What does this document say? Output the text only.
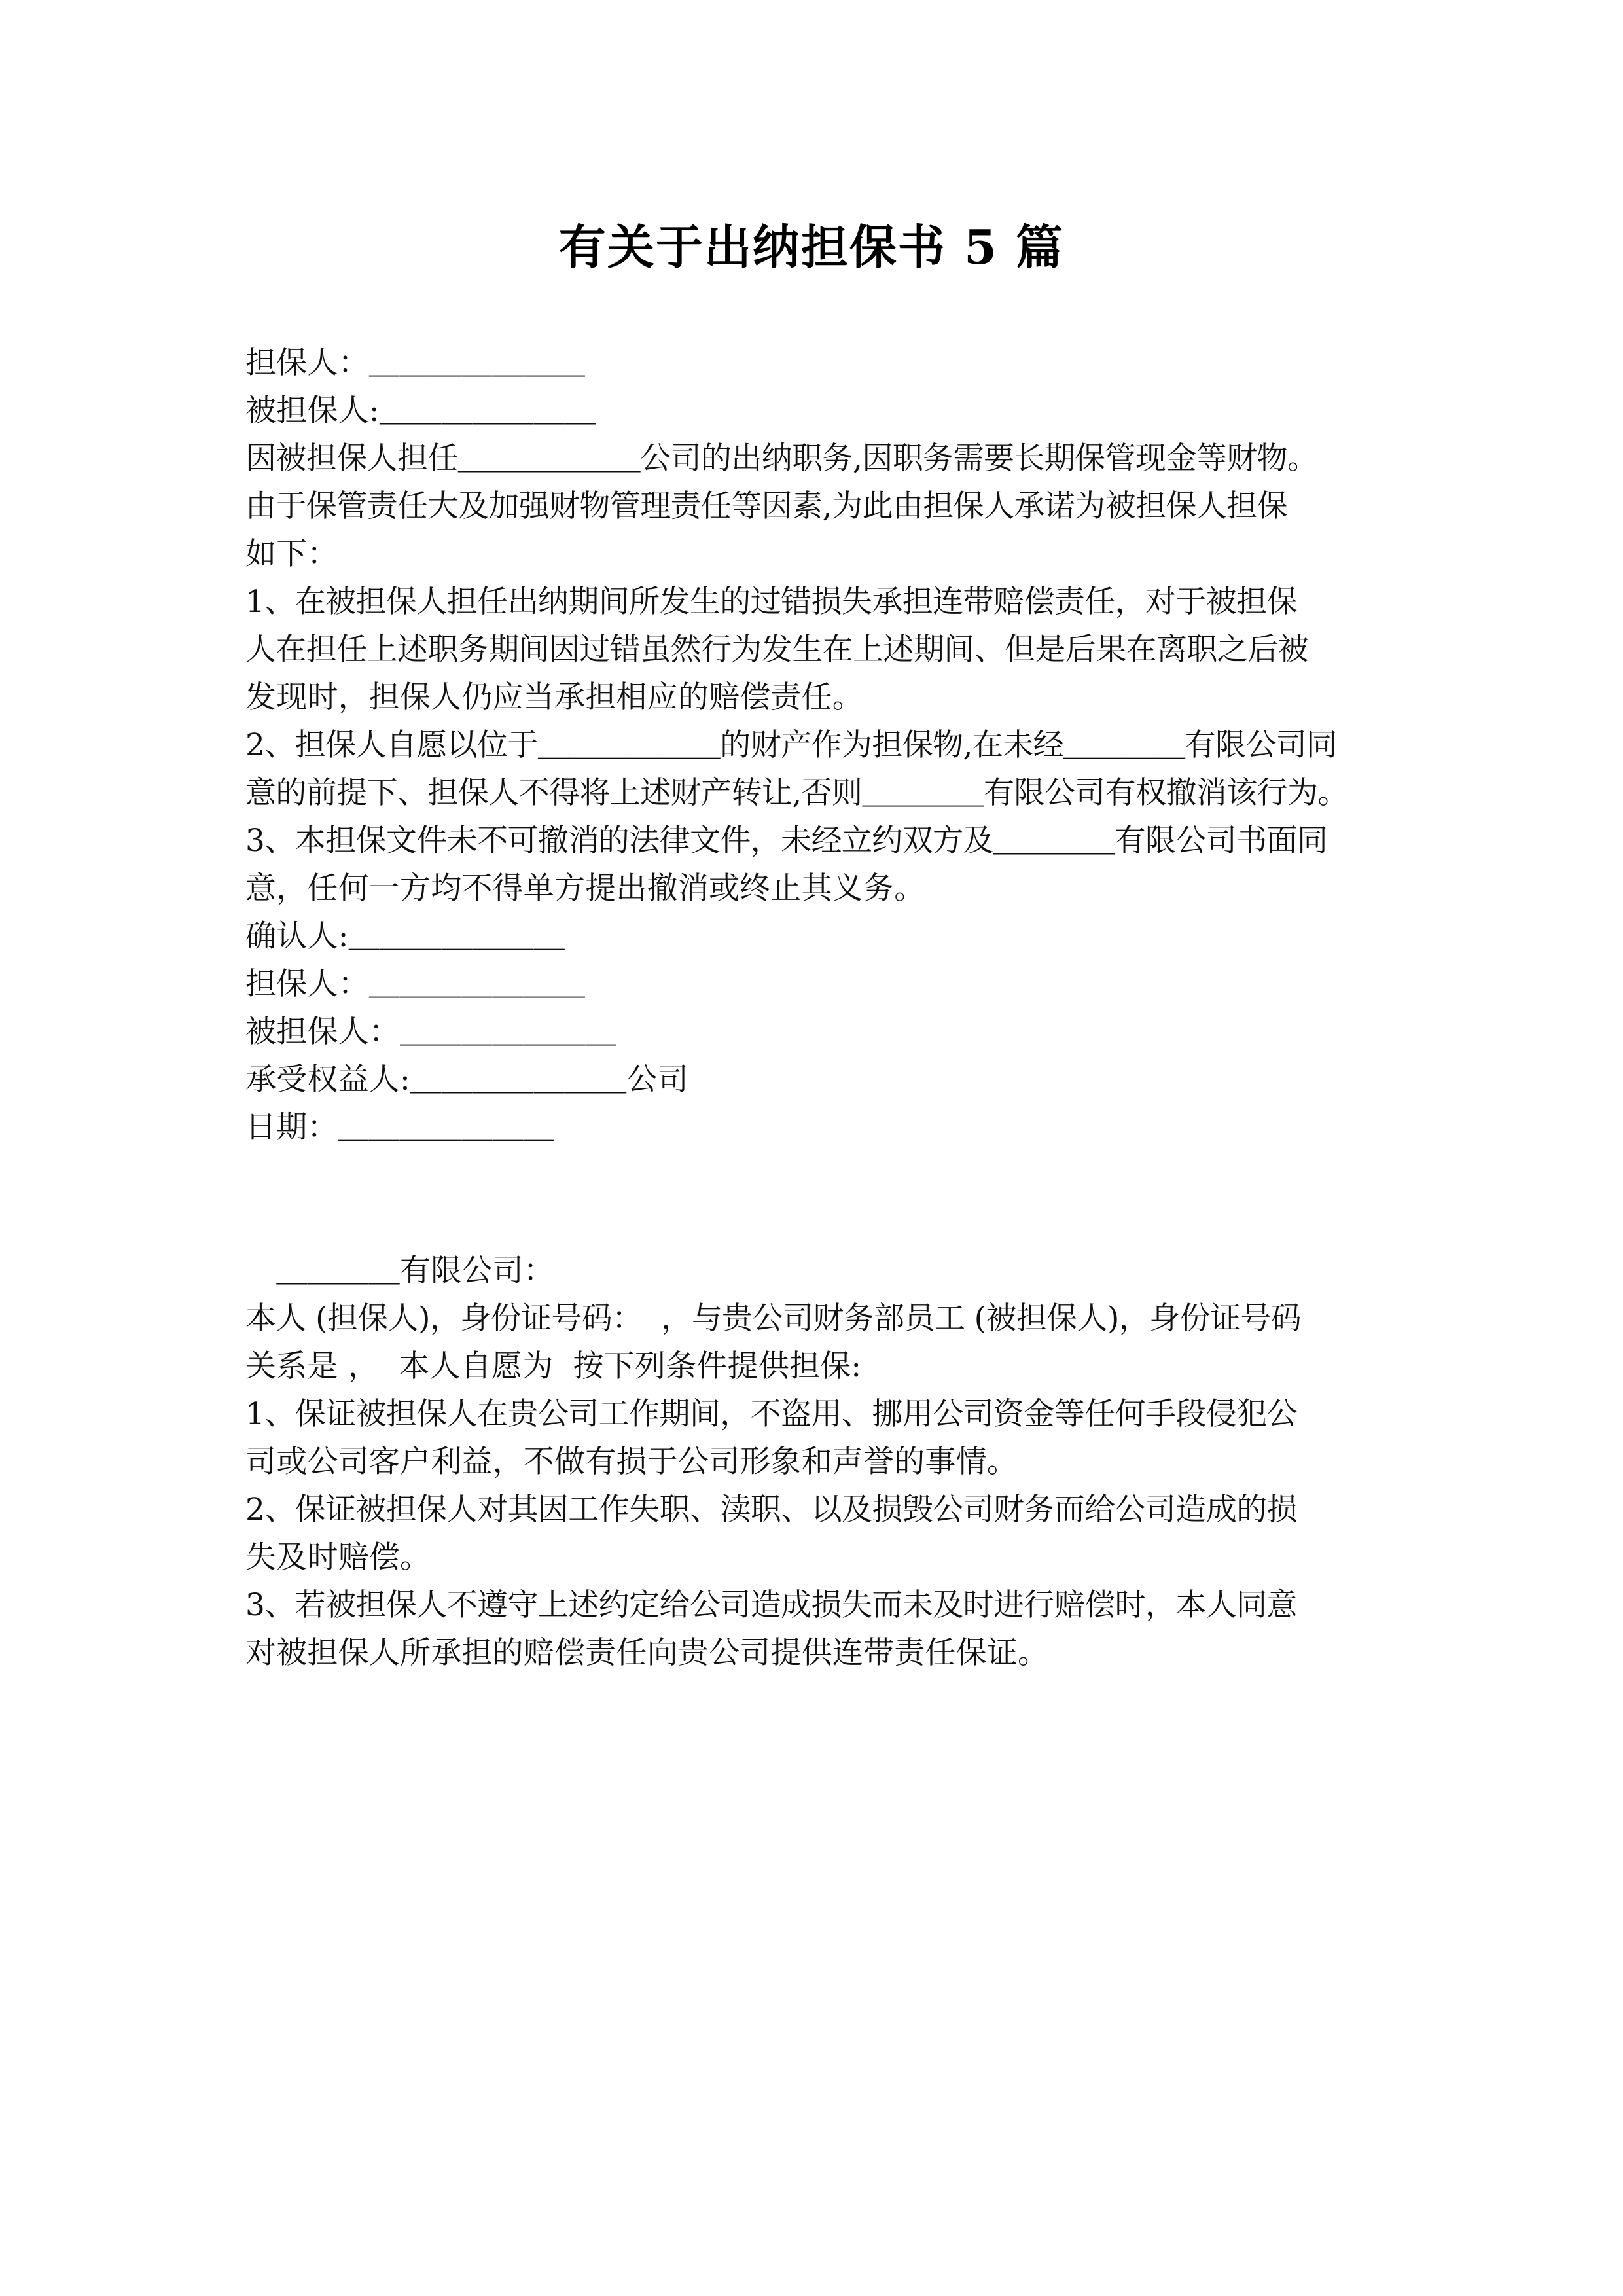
有关于出纳担保书 5 篇
担保人：＿＿＿＿＿＿＿
被担保人:＿＿＿＿＿＿＿
因被担保人担任＿＿＿＿＿＿公司的出纳职务,因职务需要长期保管现金等财物。
由于保管责任大及加强财物管理责任等因素,为此由担保人承诺为被担保人担保
如下：
1、在被担保人担任出纳期间所发生的过错损失承担连带赔偿责任，对于被担保
人在担任上述职务期间因过错虽然行为发生在上述期间、但是后果在离职之后被
发现时，担保人仍应当承担相应的赔偿责任。
2、担保人自愿以位于＿＿＿＿＿＿的财产作为担保物,在未经＿＿＿＿有限公司同
意的前提下、担保人不得将上述财产转让,否则＿＿＿＿有限公司有权撤消该行为。
3、本担保文件未不可撤消的法律文件，未经立约双方及＿＿＿＿有限公司书面同
意，任何一方均不得单方提出撤消或终止其义务。
确认人:＿＿＿＿＿＿＿
担保人：＿＿＿＿＿＿＿
被担保人：＿＿＿＿＿＿＿
承受权益人:＿＿＿＿＿＿＿公司
日期：＿＿＿＿＿＿＿
　＿＿＿＿有限公司：
本人 (担保人)，身份证号码：  ，与贵公司财务部员工 (被担保人)，身份证号码
关系是 ，  本人自愿为  按下列条件提供担保:
1、保证被担保人在贵公司工作期间，不盗用、挪用公司资金等任何手段侵犯公
司或公司客户利益，不做有损于公司形象和声誉的事情。
2、保证被担保人对其因工作失职、渎职、以及损毁公司财务而给公司造成的损
失及时赔偿。
3、若被担保人不遵守上述约定给公司造成损失而未及时进行赔偿时，本人同意
对被担保人所承担的赔偿责任向贵公司提供连带责任保证。
